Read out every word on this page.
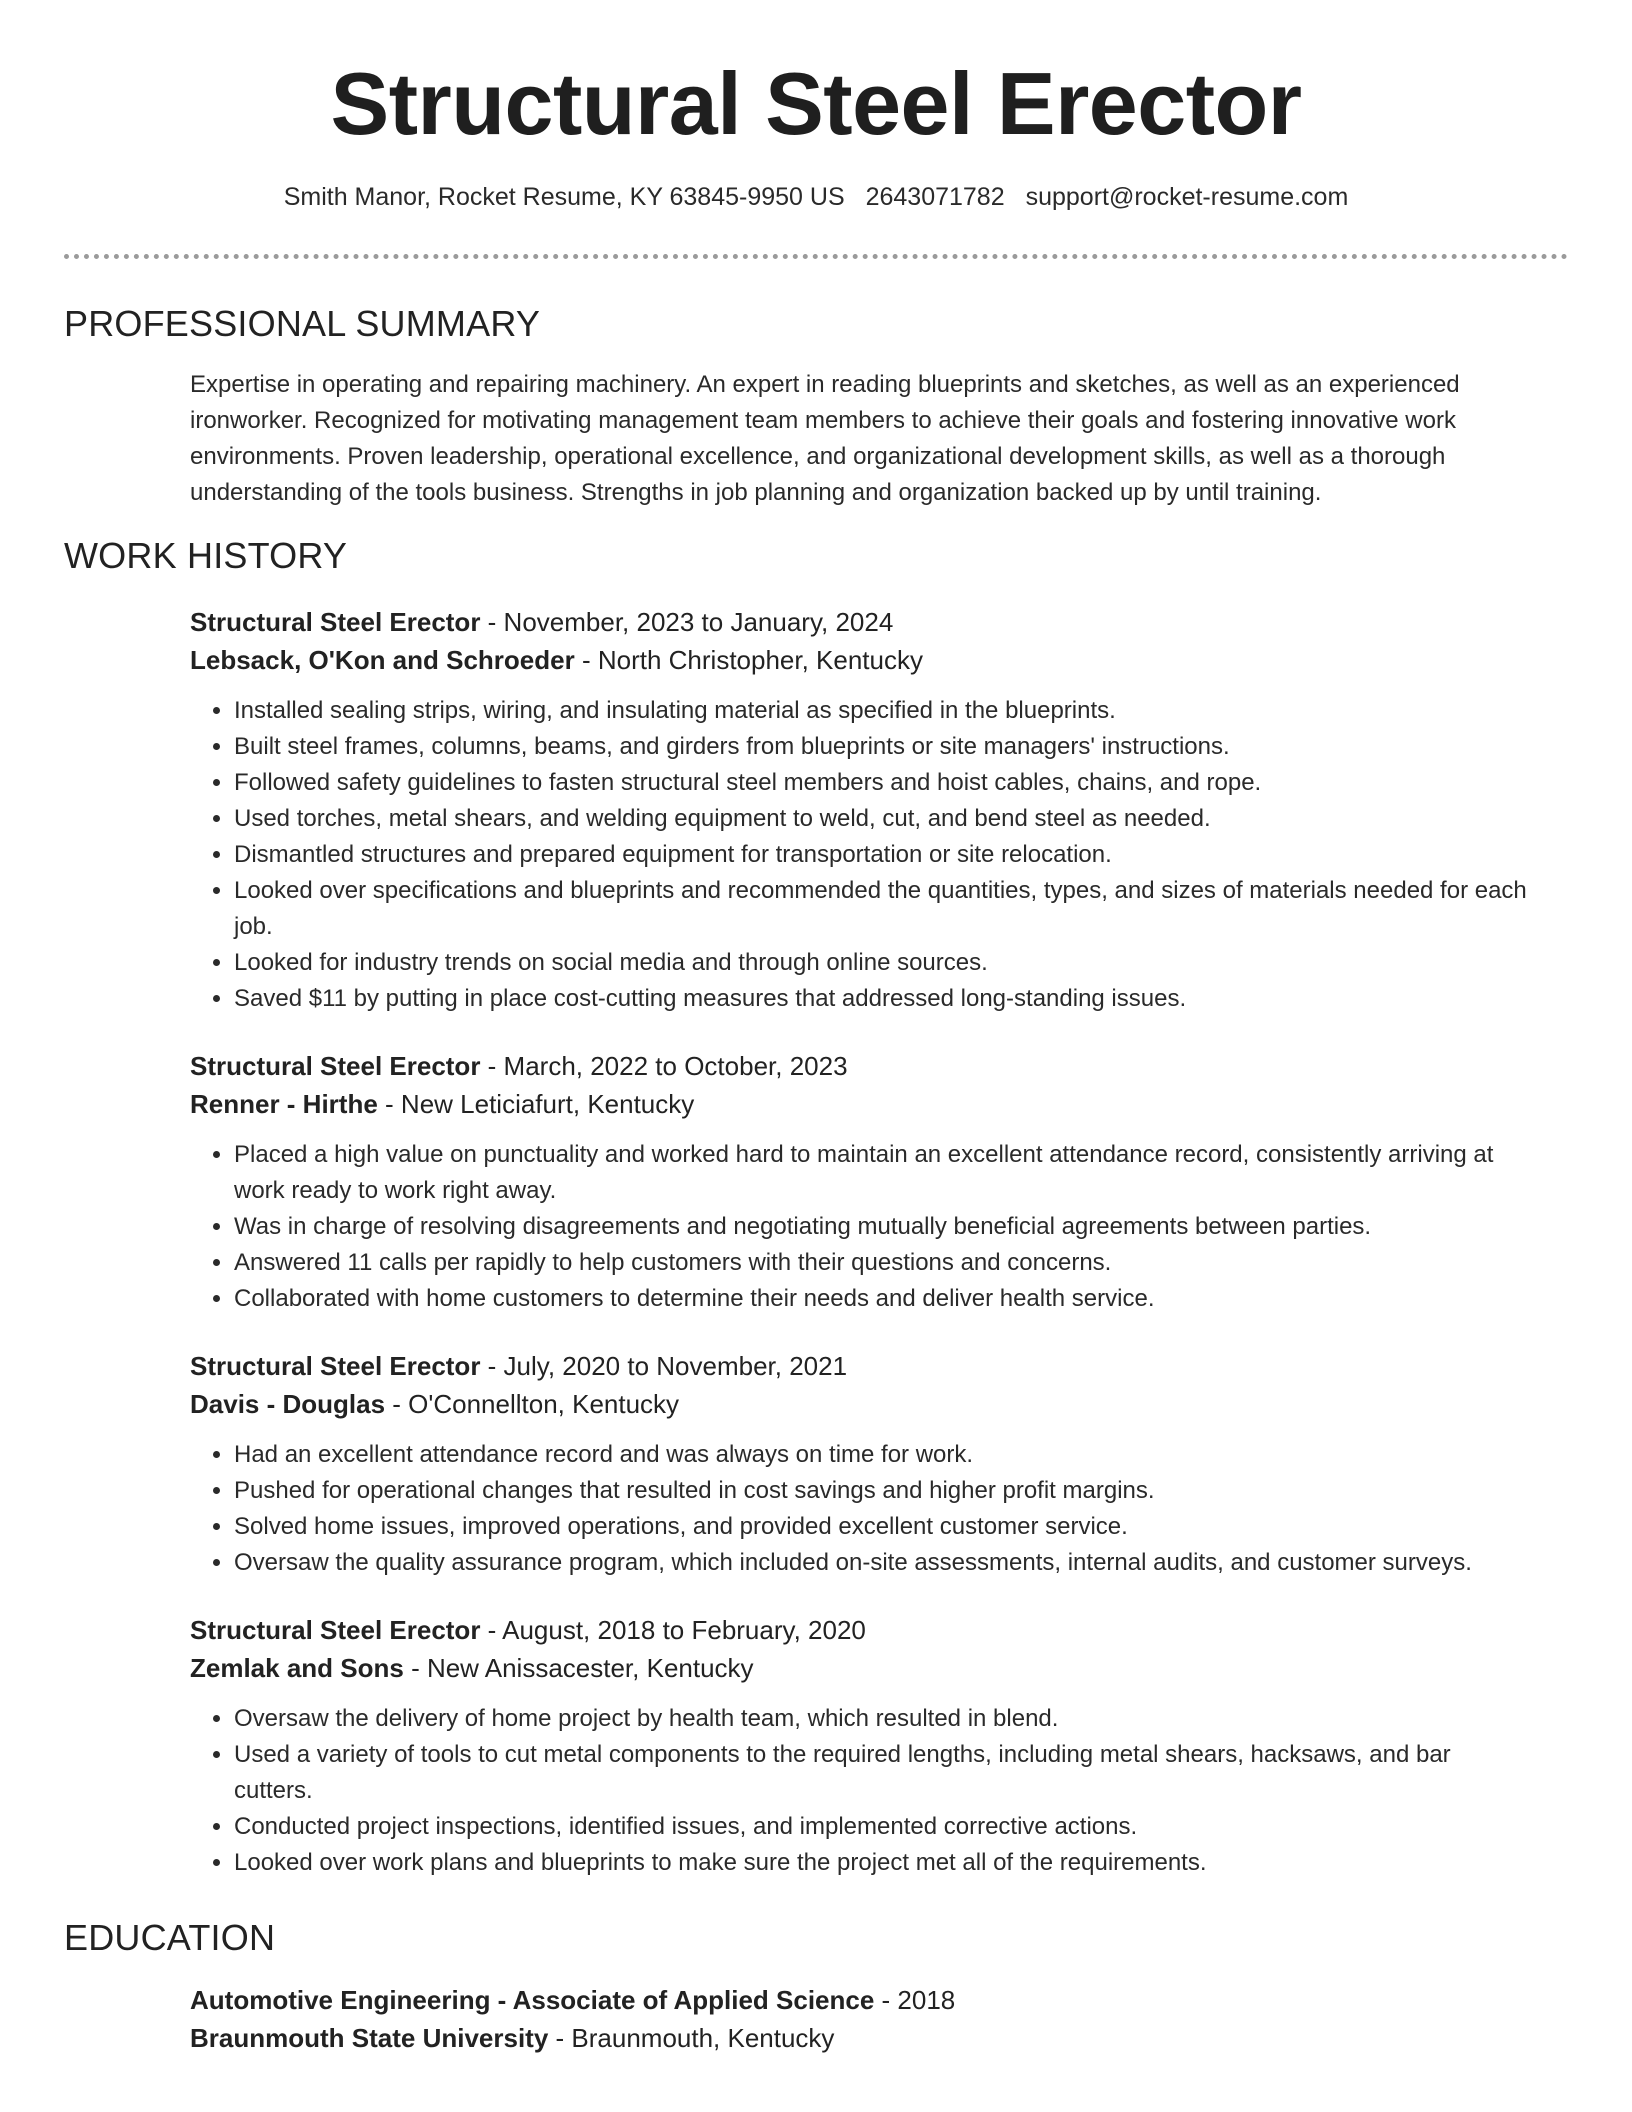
Structural Steel Erector
Smith Manor, Rocket Resume, KY 63845-9950 US 2643071782 support@rocket-resume.com
PROFESSIONAL SUMMARY
Expertise in operating and repairing machinery. An expert in reading blueprints and sketches, as well as an experienced ironworker. Recognized for motivating management team members to achieve their goals and fostering innovative work environments. Proven leadership, operational excellence, and organizational development skills, as well as a thorough understanding of the tools business. Strengths in job planning and organization backed up by until training.
WORK HISTORY
Structural Steel Erector - November, 2023 to January, 2024
Lebsack, O'Kon and Schroeder - North Christopher, Kentucky
• Installed sealing strips, wiring, and insulating material as specified in the blueprints.
• Built steel frames, columns, beams, and girders from blueprints or site managers' instructions.
• Followed safety guidelines to fasten structural steel members and hoist cables, chains, and rope.
• Used torches, metal shears, and welding equipment to weld, cut, and bend steel as needed.
• Dismantled structures and prepared equipment for transportation or site relocation.
• Looked over specifications and blueprints and recommended the quantities, types, and sizes of materials needed for each job.
• Looked for industry trends on social media and through online sources.
• Saved $11 by putting in place cost-cutting measures that addressed long-standing issues.
Structural Steel Erector - March, 2022 to October, 2023
Renner - Hirthe - New Leticiafurt, Kentucky
• Placed a high value on punctuality and worked hard to maintain an excellent attendance record, consistently arriving at work ready to work right away.
• Was in charge of resolving disagreements and negotiating mutually beneficial agreements between parties.
• Answered 11 calls per rapidly to help customers with their questions and concerns.
• Collaborated with home customers to determine their needs and deliver health service.
Structural Steel Erector - July, 2020 to November, 2021
Davis - Douglas - O'Connellton, Kentucky
• Had an excellent attendance record and was always on time for work.
• Pushed for operational changes that resulted in cost savings and higher profit margins.
• Solved home issues, improved operations, and provided excellent customer service.
• Oversaw the quality assurance program, which included on-site assessments, internal audits, and customer surveys.
Structural Steel Erector - August, 2018 to February, 2020
Zemlak and Sons - New Anissacester, Kentucky
• Oversaw the delivery of home project by health team, which resulted in blend.
• Used a variety of tools to cut metal components to the required lengths, including metal shears, hacksaws, and bar cutters.
• Conducted project inspections, identified issues, and implemented corrective actions.
• Looked over work plans and blueprints to make sure the project met all of the requirements.
EDUCATION
Automotive Engineering - Associate of Applied Science - 2018
Braunmouth State University - Braunmouth, Kentucky
